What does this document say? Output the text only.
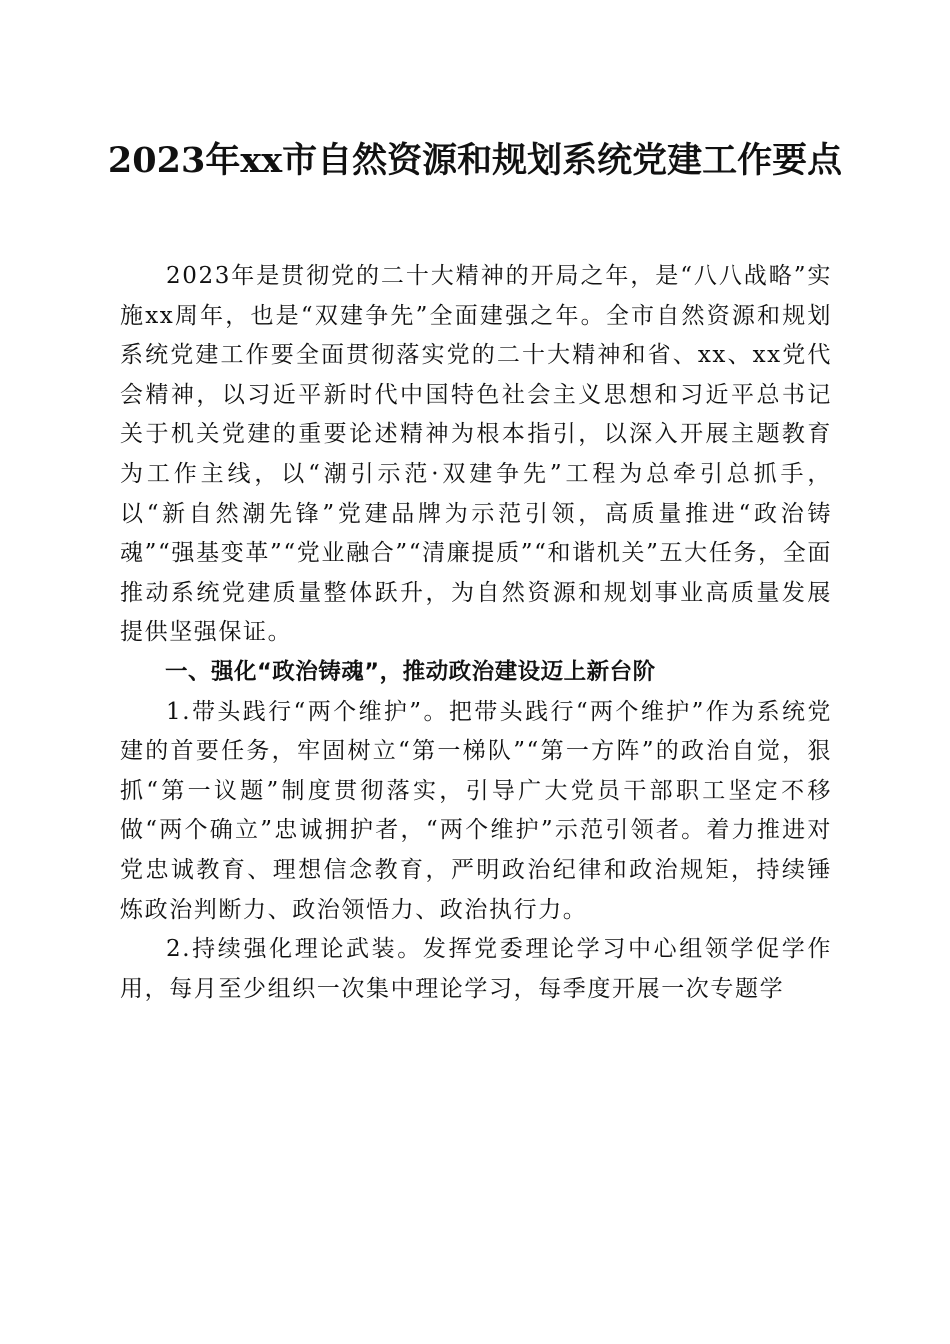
2023年xx市自然资源和规划系统党建工作要点

2023年是贯彻党的二十大精神的开局之年，是“八八战略”实施xx周年，也是“双建争先”全面建强之年。全市自然资源和规划系统党建工作要全面贯彻落实党的二十大精神和省、xx、xx党代会精神，以习近平新时代中国特色社会主义思想和习近平总书记关于机关党建的重要论述精神为根本指引，以深入开展主题教育为工作主线，以“潮引示范·双建争先”工程为总牵引总抓手，以“新自然潮先锋”党建品牌为示范引领，高质量推进“政治铸魂”“强基变革”“党业融合”“清廉提质”“和谐机关”五大任务，全面推动系统党建质量整体跃升，为自然资源和规划事业高质量发展提供坚强保证。

一、强化“政治铸魂”，推动政治建设迈上新台阶

1.带头践行“两个维护”。把带头践行“两个维护”作为系统党建的首要任务，牢固树立“第一梯队”“第一方阵”的政治自觉，狠抓“第一议题”制度贯彻落实，引导广大党员干部职工坚定不移做“两个确立”忠诚拥护者，“两个维护”示范引领者。着力推进对党忠诚教育、理想信念教育，严明政治纪律和政治规矩，持续锤炼政治判断力、政治领悟力、政治执行力。

2.持续强化理论武装。发挥党委理论学习中心组领学促学作用，每月至少组织一次集中理论学习，每季度开展一次专题学
